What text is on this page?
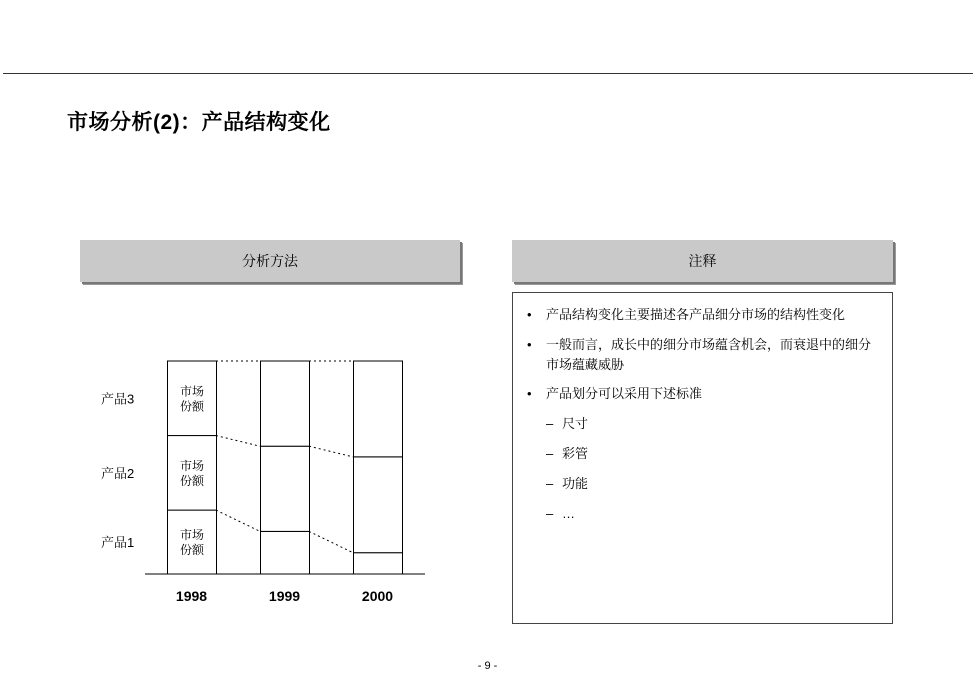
市场分析(2)：产品结构变化
分析方法	注释
1998	1999	2000
市场
份额
产品1
市场
份额
产品2
市场
份额
产品3
•	产品结构变化主要描述各产品细分市场的结构性变化
•	一般而言，成长中的细分市场蕴含机会，而衰退中的细分市场蕴藏威胁
•	产品划分可以采用下述标准
– 尺寸
– 彩管
– 功能
– …
- 9 -
